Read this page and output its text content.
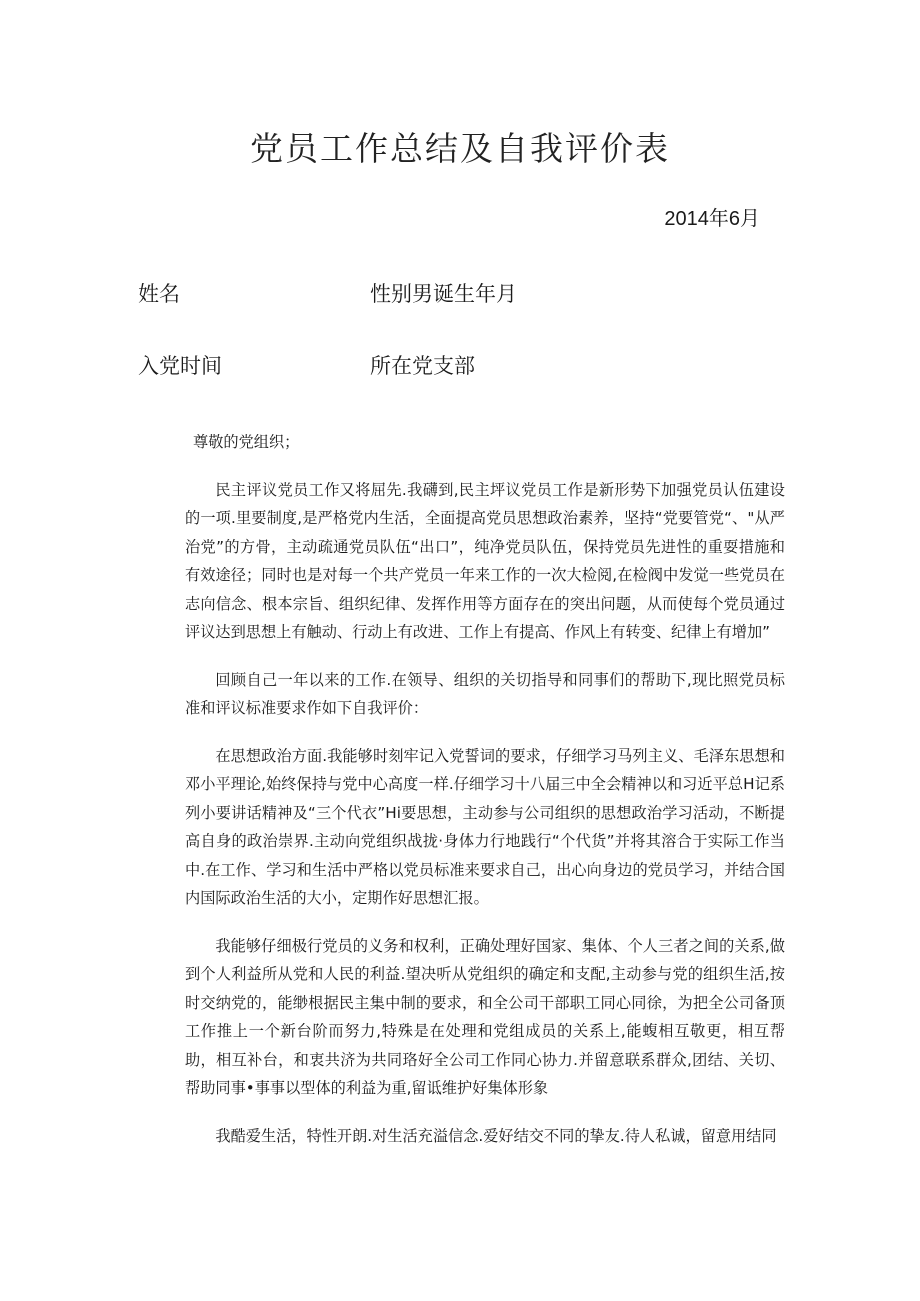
党员工作总结及自我评价表
2014年6月
姓名	性别男诞生年月
入党时间	所在党支部

尊敬的党组织；

民主评议党员工作又将屈先.我礴到,民主坪议党员工作是新形势下加强党员认伍建设的一项.里要制度,是严格党内生活，全面提高党员思想政治素养，坚持“党要管党“、"从严治党”的方骨，主动疏通党员队伍“出口”，纯净党员队伍，保持党员先进性的重耍措施和有效途径；同时也是对每一个共产党员一年来工作的一次大检阅,在检阀中发觉一些党员在志向信念、根本宗旨、组织纪律、发挥作用等方面存在的突出问题，从而使每个党员通过评议达到思想上有触动、行动上有改进、工作上有提高、作风上有转变、纪律上有增加”

回顾自己一年以来的工作.在领导、组织的关切指导和同事们的帮助下,现比照党员标准和评议标准要求作如下自我评价：

在思想政治方面.我能够时刻牢记入党誓词的要求，仔细学习马列主义、毛泽东思想和邓小平理论,始终保持与党中心高度一样.仔细学习十八届三中全会精神以和习近平总H记系列小要讲话精神及“三个代衣”Hi要思想，主动参与公司组织的思想政治学习活动，不断提高自身的政治崇界.主动向党组织战拢·身体力行地践行“个代货”并将其溶合于实际工作当中.在工作、学习和生活中严格以党员标准来要求自己，出心向身边的党员学习，并结合国内国际政治生活的大小，定期作好思想汇报。

我能够仔细极行党员的义务和权利，正确处理好国家、集体、个人三者之间的关系,做到个人利益所从党和人民的利益.望决听从党组织的确定和支配,主动参与党的组织生活,按时交纳党的，能缈根据民主集中制的要求，和全公司干部职工同心同徐，为把全公司备顶工作推上一个新台阶而努力,特殊是在处理和党组成员的关系上,能蝮相互敬更，相互帮助，相互补台，和衷共济为共同珞好全公司工作同心协力.并留意联系群众,团结、关切、帮助同事•事事以型体的利益为重,留诋维护好集体形象

我酷爱生活，特性开朗.对生活充溢信念.爱好结交不同的挚友.待人私诚，留意用结同
